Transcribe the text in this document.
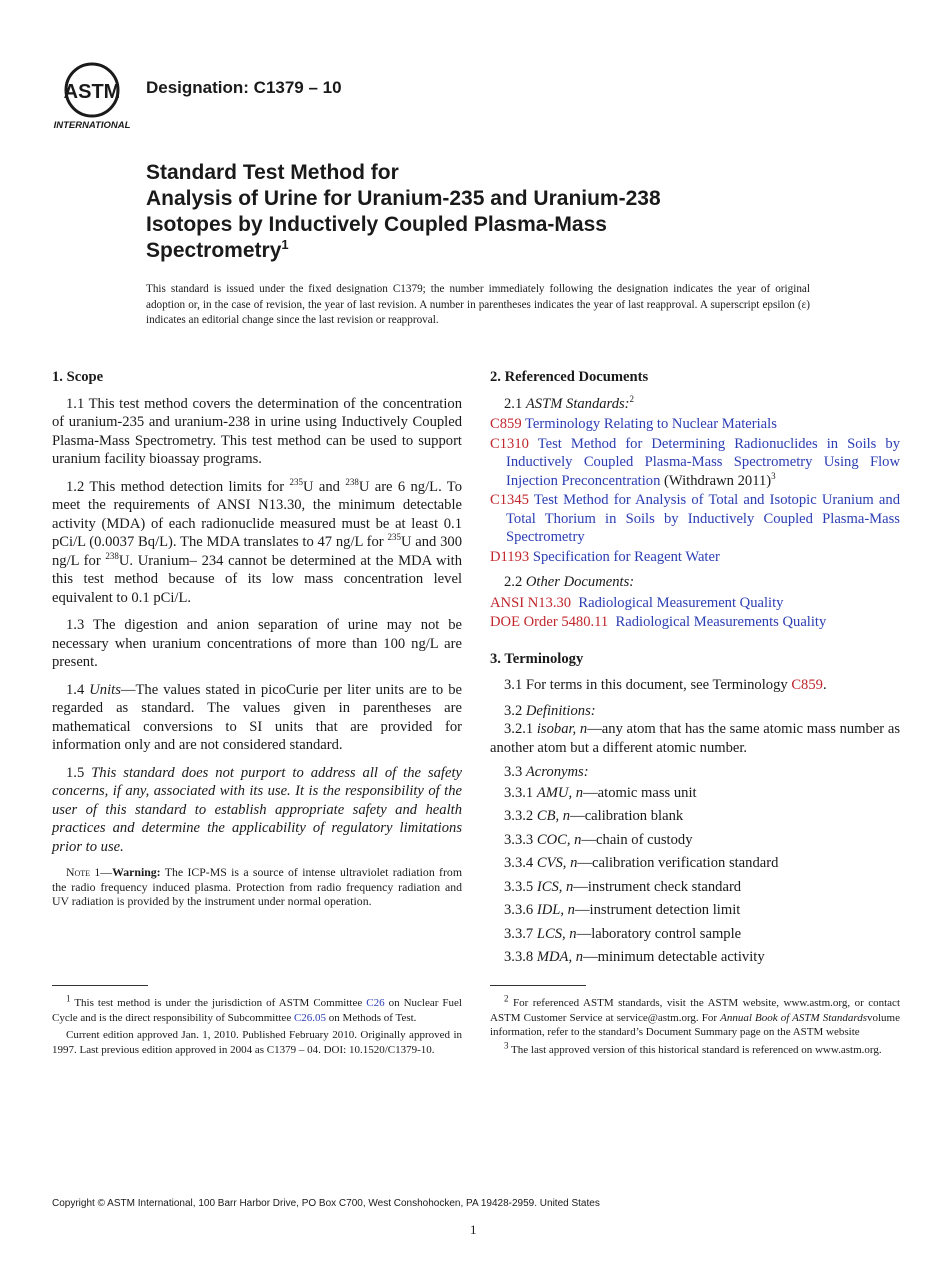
ASTM
INTERNATIONAL
Designation: C1379 – 10
Standard Test Method for
Analysis of Urine for Uranium-235 and Uranium-238
Isotopes by Inductively Coupled Plasma-Mass
Spectrometry$^1$
This standard is issued under the fixed designation C1379; the number immediately following the designation indicates the year of original adoption or, in the case of revision, the year of last revision. A number in parentheses indicates the year of last reapproval. A superscript epsilon (ε) indicates an editorial change since the last revision or reapproval.
1. Scope

1.1 This test method covers the determination of the concentration of uranium-235 and uranium-238 in urine using Inductively Coupled Plasma-Mass Spectrometry. This test method can be used to support uranium facility bioassay programs.

1.2 This method detection limits for $^{235}$U and $^{238}$U are 6 ng/L. To meet the requirements of ANSI N13.30, the minimum detectable activity (MDA) of each radionuclide measured must be at least 0.1 pCi/L (0.0037 Bq/L). The MDA translates to 47 ng/L for $^{235}$U and 300 ng/L for $^{238}$U. Uranium– 234 cannot be determined at the MDA with this test method because of its low mass concentration level equivalent to 0.1 pCi/L.

1.3 The digestion and anion separation of urine may not be necessary when uranium concentrations of more than 100 ng/L are present.

1.4 Units—The values stated in picoCurie per liter units are to be regarded as standard. The values given in parentheses are mathematical conversions to SI units that are provided for information only and are not considered standard.

1.5 This standard does not purport to address all of the safety concerns, if any, associated with its use. It is the responsibility of the user of this standard to establish appropriate safety and health practices and determine the applicability of regulatory limitations prior to use.

Note 1—Warning: The ICP-MS is a source of intense ultraviolet radiation from the radio frequency induced plasma. Protection from radio frequency radiation and UV radiation is provided by the instrument under normal operation.
2. Referenced Documents
2.1 ASTM Standards:$^2$
C859 Terminology Relating to Nuclear Materials
C1310 Test Method for Determining Radionuclides in Soils by Inductively Coupled Plasma-Mass Spectrometry Using Flow Injection Preconcentration (Withdrawn 2011)$^3$
C1345 Test Method for Analysis of Total and Isotopic Uranium and Total Thorium in Soils by Inductively Coupled Plasma-Mass Spectrometry
D1193 Specification for Reagent Water
2.2 Other Documents:
ANSI N13.30 Radiological Measurement Quality
DOE Order 5480.11 Radiological Measurements Quality
3. Terminology
3.1 For terms in this document, see Terminology C859.
3.2 Definitions:

3.2.1 isobar, n—any atom that has the same atomic mass number as another atom but a different atomic number.

3.3 Acronyms:
3.3.1 AMU, n—atomic mass unit
3.3.2 CB, n—calibration blank
3.3.3 COC, n—chain of custody
3.3.4 CVS, n—calibration verification standard
3.3.5 ICS, n—instrument check standard
3.3.6 IDL, n—instrument detection limit
3.3.7 LCS, n—laboratory control sample
3.3.8 MDA, n—minimum detectable activity

$^1$ This test method is under the jurisdiction of ASTM Committee C26 on Nuclear Fuel Cycle and is the direct responsibility of Subcommittee C26.05 on Methods of Test.

Current edition approved Jan. 1, 2010. Published February 2010. Originally approved in 1997. Last previous edition approved in 2004 as C1379 – 04. DOI: 10.1520/C1379-10.

$^2$ For referenced ASTM standards, visit the ASTM website, www.astm.org, or contact ASTM Customer Service at service@astm.org. For Annual Book of ASTM Standardsvolume information, refer to the standard’s Document Summary page on the ASTM website

$^3$ The last approved version of this historical standard is referenced on www.astm.org.

Copyright © ASTM International, 100 Barr Harbor Drive, PO Box C700, West Conshohocken, PA 19428-2959. United States
1
